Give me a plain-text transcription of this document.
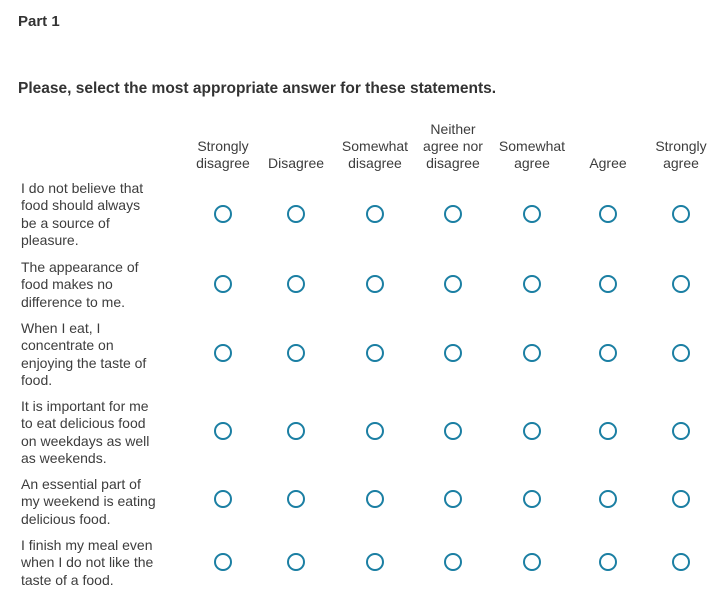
Part 1

Please, select the most appropriate answer for these statements.

Strongly
disagree	Disagree
Somewhat
disagree
Neither
agree nor
disagree
Somewhat
agree	Agree
Strongly
agree
I do not believe that
food should always
be a source of
pleasure.
The appearance of
food makes no
difference to me.
When I eat, I
concentrate on
enjoying the taste of
food.
It is important for me
to eat delicious food
on weekdays as well
as weekends.
An essential part of
my weekend is eating
delicious food.
I finish my meal even
when I do not like the
taste of a food.
